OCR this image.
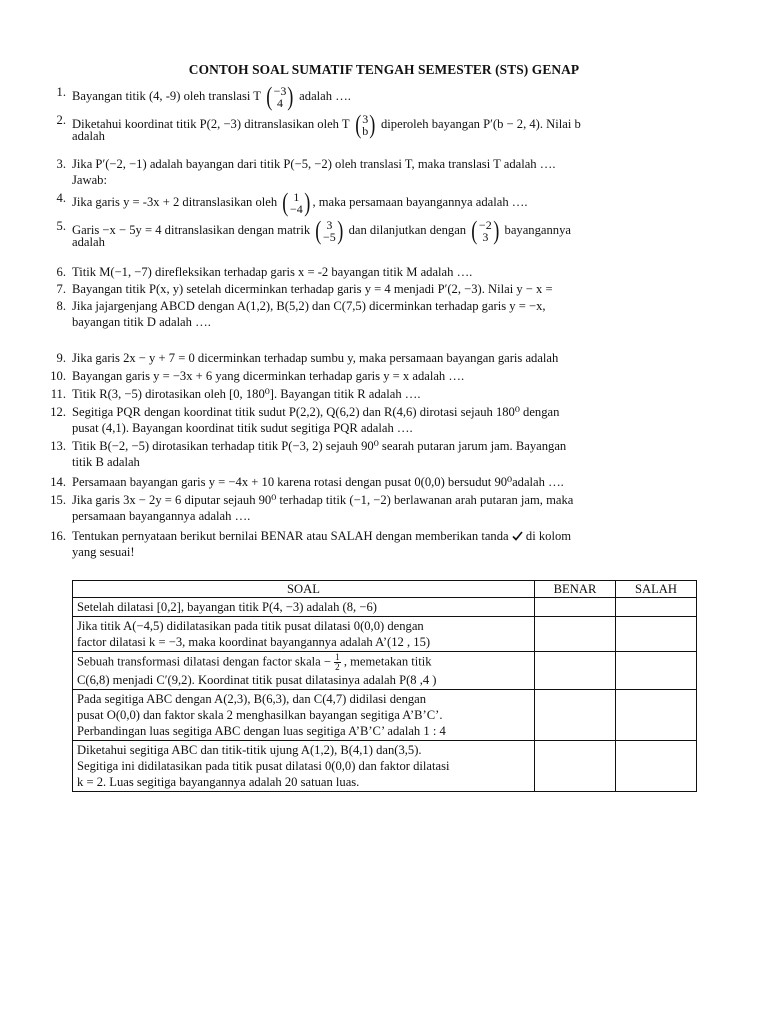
CONTOH SOAL SUMATIF TENGAH SEMESTER (STS) GENAP
1. Bayangan titik (4, -9) oleh translasi T ( −3
4 ) adalah ….
2. Diketahui koordinat titik P(2, −3) ditranslasikan oleh T ( 3
b ) diperoleh bayangan P′(b − 2, 4). Nilai b
adalah
3. Jika P′(−2, −1) adalah bayangan dari titik P(−5, −2) oleh translasi T, maka translasi T adalah ….
Jawab:
4. Jika garis y = -3x + 2 ditranslasikan oleh ( 1
−4 ) , maka persamaan bayangannya adalah ….
5. Garis −x − 5y = 4 ditranslasikan dengan matrik ( 3
−5 ) dan dilanjutkan dengan ( −2
3 ) bayangannya
adalah
6. Titik M(−1, −7) direfleksikan terhadap garis x = -2 bayangan titik M adalah ….
7. Bayangan titik P(x, y) setelah dicerminkan terhadap garis y = 4 menjadi P′(2, −3). Nilai y − x =
8. Jika jajargenjang ABCD dengan A(1,2), B(5,2) dan C(7,5) dicerminkan terhadap garis y = −x,
bayangan titik D adalah ….
9. Jika garis 2x − y + 7 = 0 dicerminkan terhadap sumbu y, maka persamaan bayangan garis adalah
10. Bayangan garis y = −3x + 6 yang dicerminkan terhadap garis y = x adalah ….
11. Titik R(3, −5) dirotasikan oleh [0, 180⁰]. Bayangan titik R adalah ….
12. Segitiga PQR dengan koordinat titik sudut P(2,2), Q(6,2) dan R(4,6) dirotasi sejauh 180⁰ dengan
pusat (4,1). Bayangan koordinat titik sudut segitiga PQR adalah ….
13. Titik B(−2, −5) dirotasikan terhadap titik P(−3, 2) sejauh 90⁰ searah putaran jarum jam. Bayangan
titik B adalah
14. Persamaan bayangan garis y = −4x + 10 karena rotasi dengan pusat 0(0,0) bersudut 90⁰adalah ….
15. Jika garis 3x − 2y = 6 diputar sejauh 90⁰ terhadap titik (−1, −2) berlawanan arah putaran jam, maka
persamaan bayangannya adalah ….
16. Tentukan pernyataan berikut bernilai BENAR atau SALAH dengan memberikan tanda  di kolom
yang sesuai!
SOAL	BENAR	SALAH

Setelah dilatasi [0,2], bayangan titik P(4, −3) adalah (8, −6)		

Jika titik A(−4,5) didilatasikan pada titik pusat dilatasi 0(0,0) dengan
factor dilatasi k = −3, maka koordinat bayangannya adalah A’(12 , 15)		

Sebuah transformasi dilatasi dengan factor skala − $\frac{1}{2}$ , memetakan titik
C(6,8) menjadi C′(9,2). Koordinat titik pusat dilatasinya adalah P(8 ,4 )		

Pada segitiga ABC dengan A(2,3), B(6,3), dan C(4,7) didilasi dengan
pusat O(0,0) dan faktor skala 2 menghasilkan bayangan segitiga A’B’C’.
Perbandingan luas segitiga ABC dengan luas segitiga A’B’C’ adalah 1 : 4		

Diketahui segitiga ABC dan titik-titik ujung A(1,2), B(4,1) dan(3,5).
Segitiga ini didilatasikan pada titik pusat dilatasi 0(0,0) dan faktor dilatasi
k = 2. Luas segitiga bayangannya adalah 20 satuan luas.		
